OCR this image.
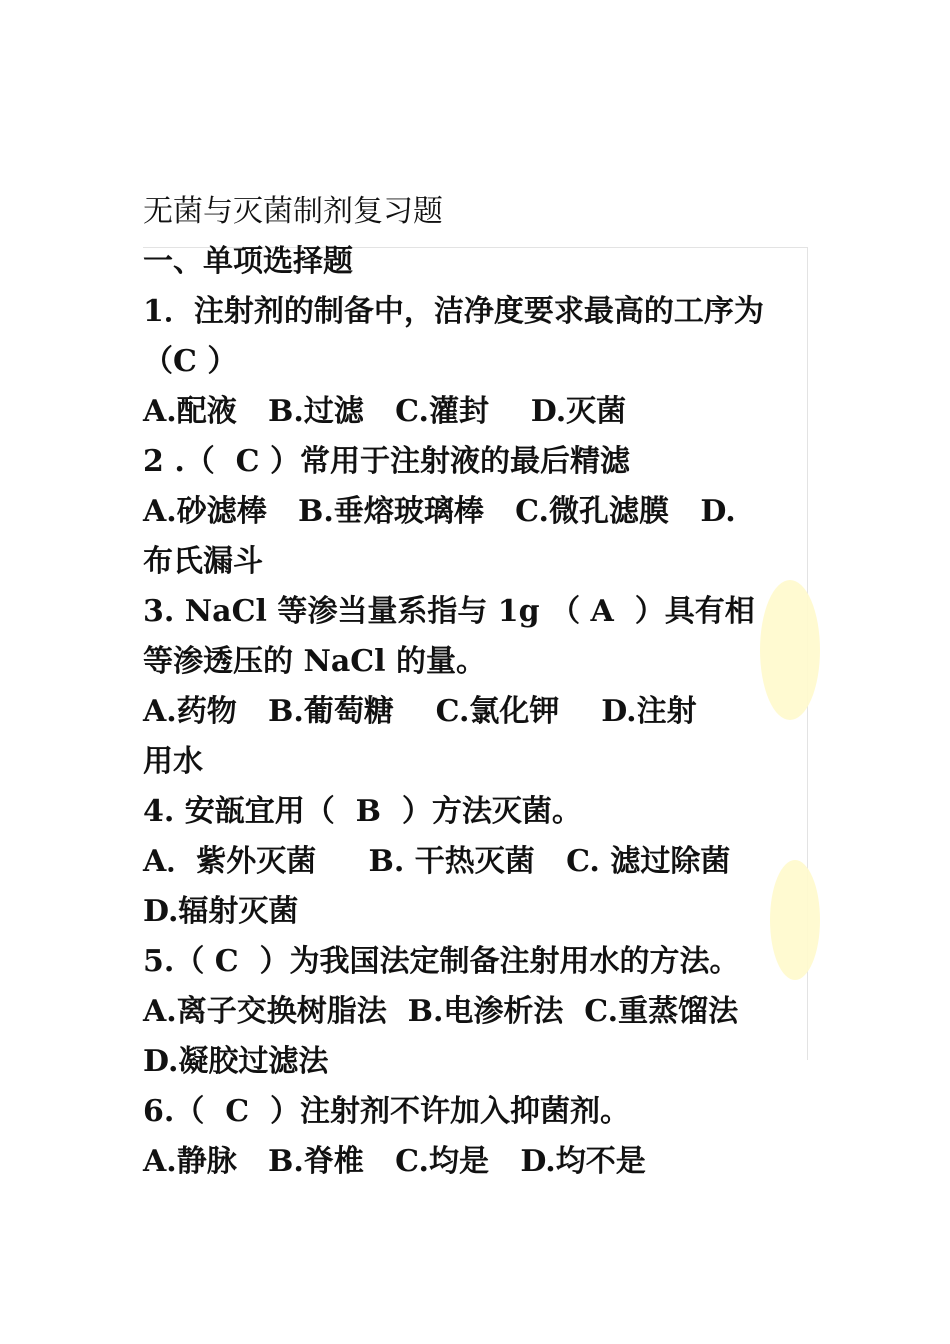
无菌与灭菌制剂复习题
一、单项选择题
1．注射剂的制备中，洁净度要求最高的工序为
（C ）
A.配液   B.过滤   C.灌封    D.灭菌
2 .（  C ）常用于注射液的最后精滤
A.砂滤棒   B.垂熔玻璃棒   C.微孔滤膜   D.
布氏漏斗
3. NaCl 等渗当量系指与 1g （ A  ）具有相
等渗透压的 NaCl 的量。
A.药物   B.葡萄糖    C.氯化钾    D.注射
用水
4. 安瓿宜用（  B  ）方法灭菌。
A．紫外灭菌     B. 干热灭菌   C. 滤过除菌
D.辐射灭菌
5.（ C  ）为我国法定制备注射用水的方法。
A.离子交换树脂法  B.电渗析法  C.重蒸馏法
D.凝胶过滤法
6.（  C  ）注射剂不许加入抑菌剂。
A.静脉   B.脊椎   C.均是   D.均不是
